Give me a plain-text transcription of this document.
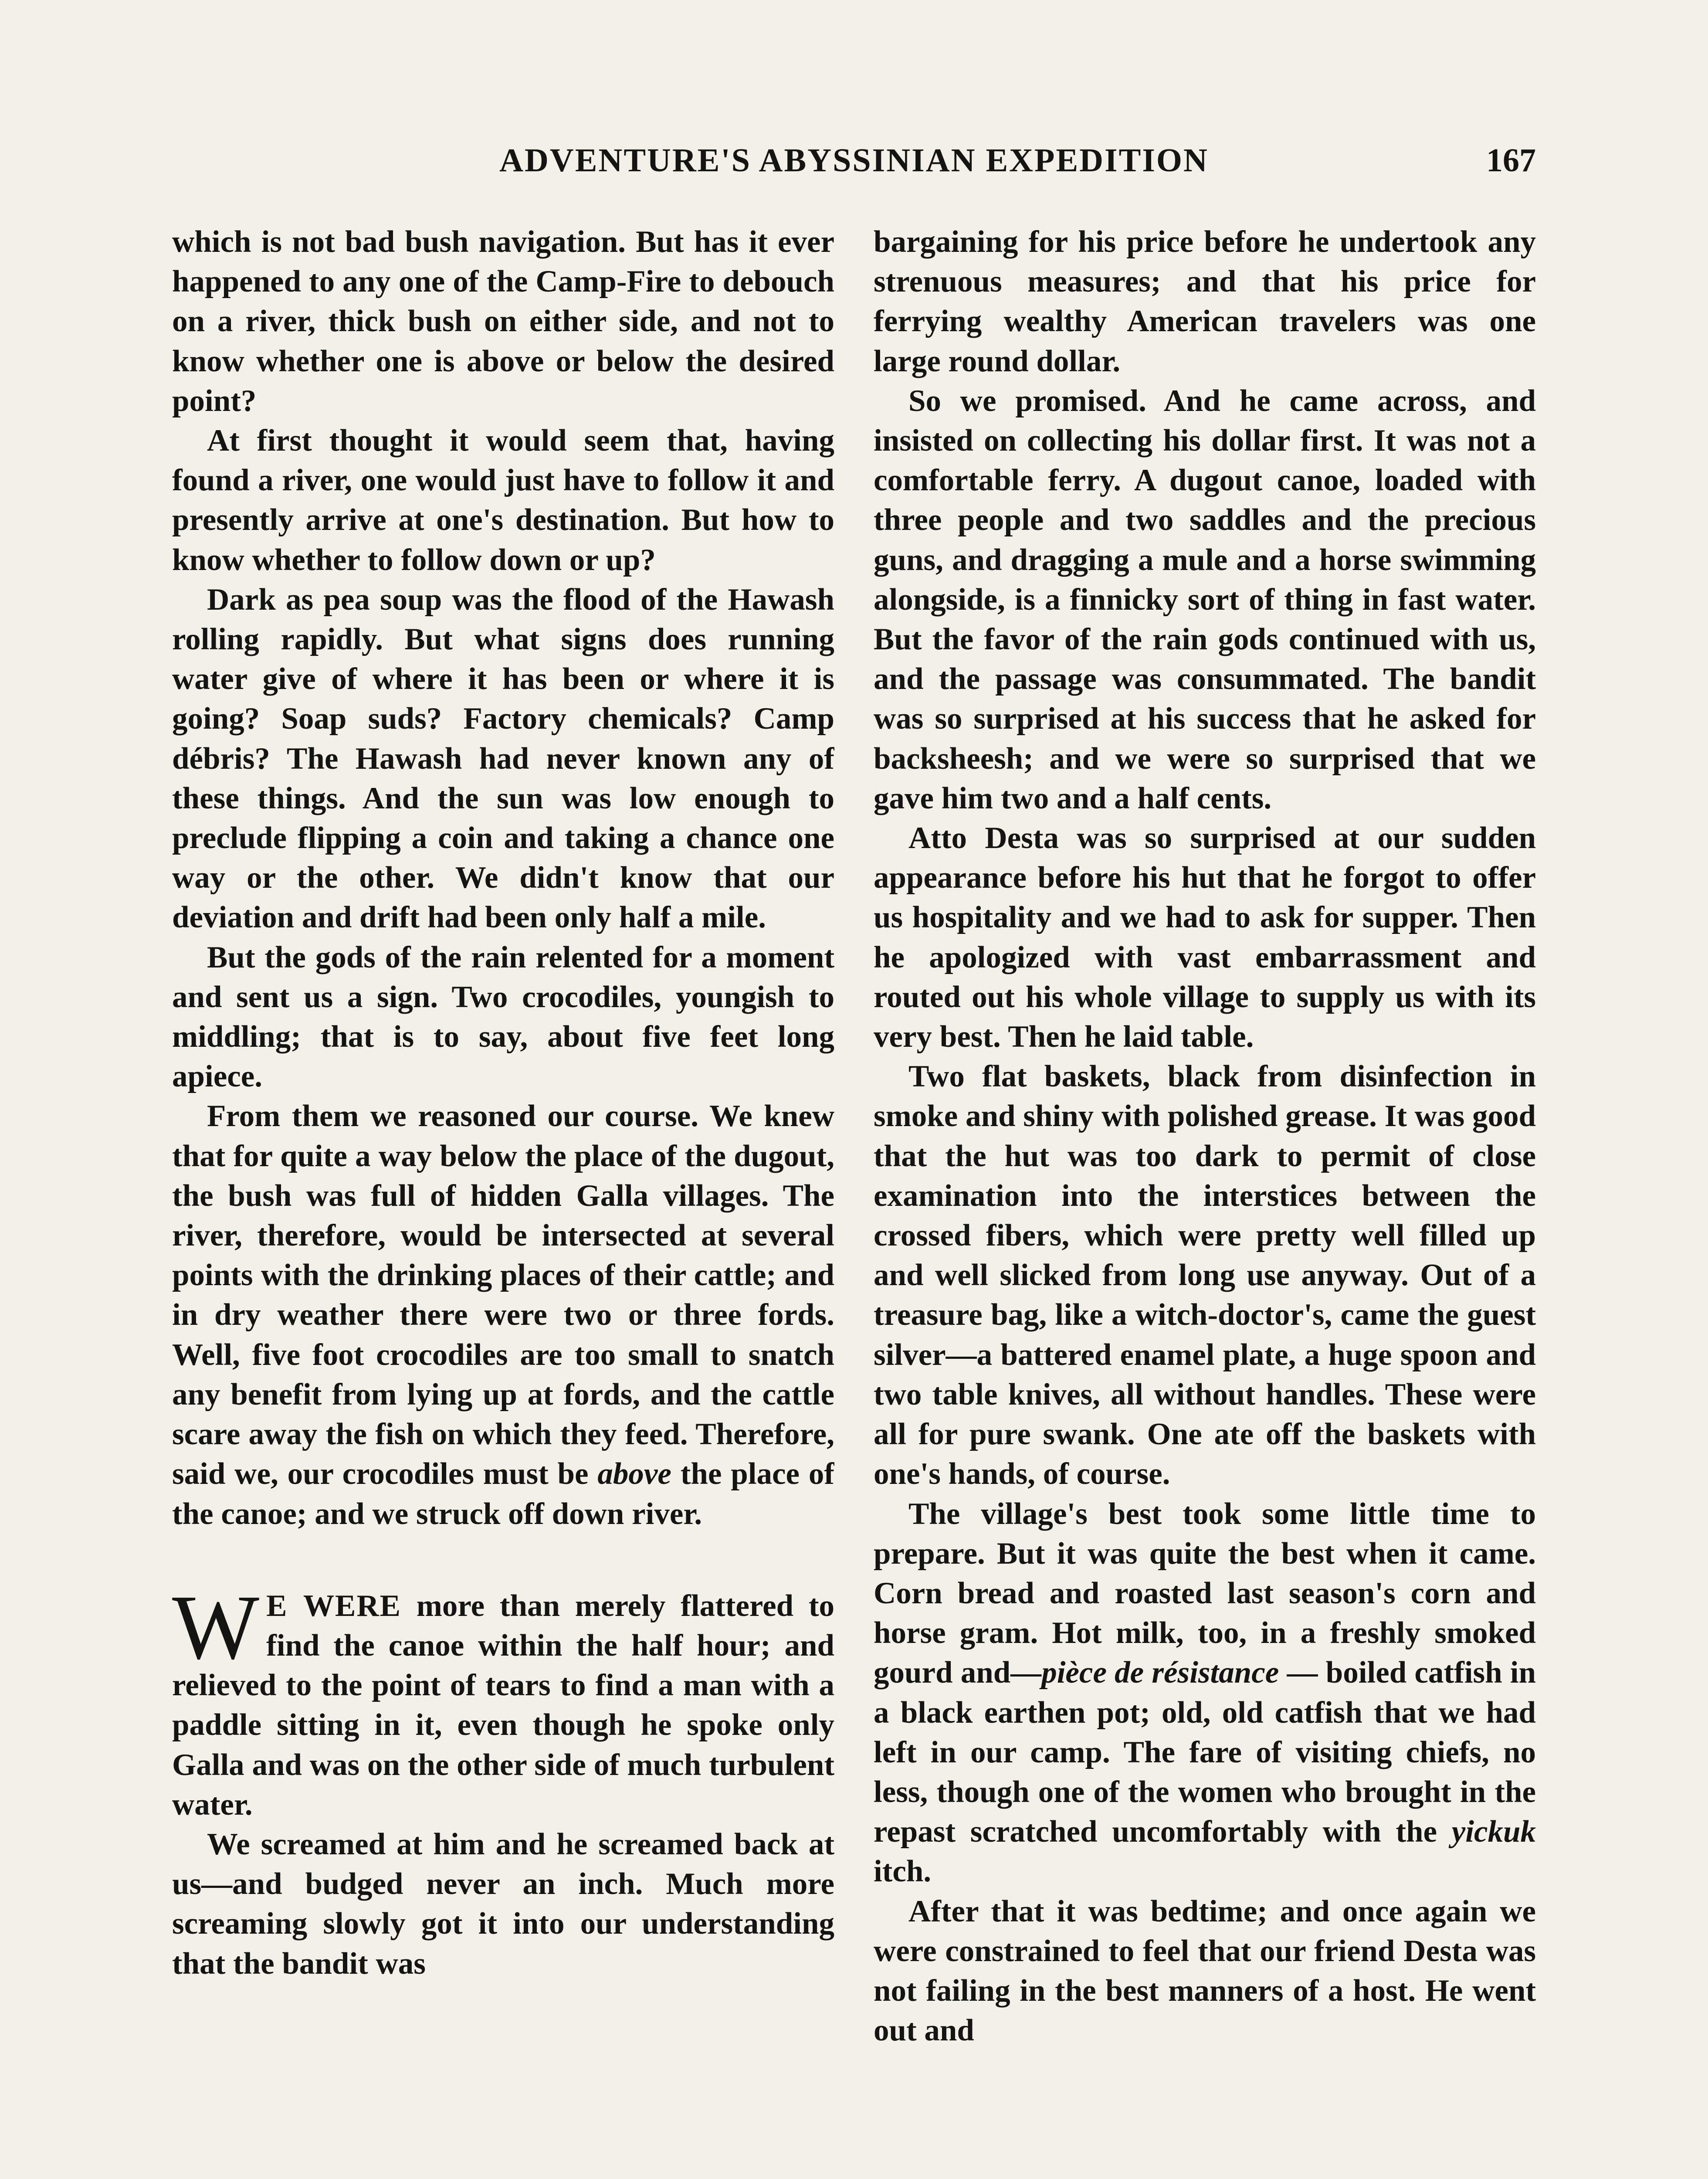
ADVENTURE'S ABYSSINIAN EXPEDITION	167

which is not bad bush navigation. But has it ever happened to any one of the Camp-Fire to debouch on a river, thick bush on either side, and not to know whether one is above or below the desired point?

At first thought it would seem that, having found a river, one would just have to follow it and presently arrive at one's destination. But how to know whether to follow down or up?

Dark as pea soup was the flood of the Hawash rolling rapidly. But what signs does running water give of where it has been or where it is going? Soap suds? Factory chemicals? Camp débris? The Hawash had never known any of these things. And the sun was low enough to preclude flipping a coin and taking a chance one way or the other. We didn't know that our deviation and drift had been only half a mile.

But the gods of the rain relented for a moment and sent us a sign. Two crocodiles, youngish to middling; that is to say, about five feet long apiece.

From them we reasoned our course. We knew that for quite a way below the place of the dugout, the bush was full of hidden Galla villages. The river, therefore, would be intersected at several points with the drinking places of their cattle; and in dry weather there were two or three fords. Well, five foot crocodiles are too small to snatch any benefit from lying up at fords, and the cattle scare away the fish on which they feed. Therefore, said we, our crocodiles must be above the place of the canoe; and we struck off down river.

W E WERE more than merely flattered to find the canoe within the half hour; and relieved to the point of tears to find a man with a paddle sitting in it, even though he spoke only Galla and was on the other side of much turbulent water.

We screamed at him and he screamed back at us—and budged never an inch. Much more screaming slowly got it into our understanding that the bandit was

bargaining for his price before he undertook any strenuous measures; and that his price for ferrying wealthy American travelers was one large round dollar.

So we promised. And he came across, and insisted on collecting his dollar first. It was not a comfortable ferry. A dugout canoe, loaded with three people and two saddles and the precious guns, and dragging a mule and a horse swimming alongside, is a finnicky sort of thing in fast water. But the favor of the rain gods continued with us, and the passage was consummated. The bandit was so surprised at his success that he asked for backsheesh; and we were so surprised that we gave him two and a half cents.

Atto Desta was so surprised at our sudden appearance before his hut that he forgot to offer us hospitality and we had to ask for supper. Then he apologized with vast embarrassment and routed out his whole village to supply us with its very best. Then he laid table.

Two flat baskets, black from disinfection in smoke and shiny with polished grease. It was good that the hut was too dark to permit of close examination into the interstices between the crossed fibers, which were pretty well filled up and well slicked from long use anyway. Out of a treasure bag, like a witch-doctor's, came the guest silver—a battered enamel plate, a huge spoon and two table knives, all without handles. These were all for pure swank. One ate off the baskets with one's hands, of course.

The village's best took some little time to prepare. But it was quite the best when it came. Corn bread and roasted last season's corn and horse gram. Hot milk, too, in a freshly smoked gourd and—pièce de résistance — boiled catfish in a black earthen pot; old, old catfish that we had left in our camp. The fare of visiting chiefs, no less, though one of the women who brought in the repast scratched uncomfortably with the yickuk itch.

After that it was bedtime; and once again we were constrained to feel that our friend Desta was not failing in the best manners of a host. He went out and
